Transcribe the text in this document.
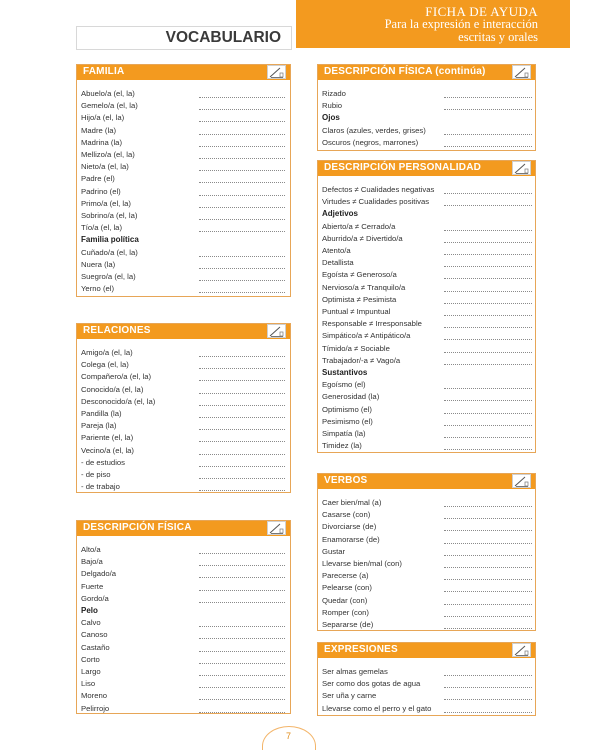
VOCABULARIO
FICHA DE AYUDA
Para la expresión e interacción
escritas y orales
FAMILIA
Abuelo/a (el, la)
Gemelo/a (el, la)
Hijo/a (el, la)
Madre (la)
Madrina (la)
Mellizo/a (el, la)
Nieto/a (el, la)
Padre (el)
Padrino (el)
Primo/a (el, la)
Sobrino/a (el, la)
Tío/a (el, la)
Familia política
Cuñado/a (el, la)
Nuera (la)
Suegro/a (el, la)
Yerno (el)
RELACIONES
Amigo/a (el, la)
Colega (el, la)
Compañero/a (el, la)
Conocido/a (el, la)
Desconocido/a (el, la)
Pandilla (la)
Pareja (la)
Pariente (el, la)
Vecino/a (el, la)
- de estudios
- de piso
- de trabajo
DESCRIPCIÓN FÍSICA
Alto/a
Bajo/a
Delgado/a
Fuerte
Gordo/a
Pelo
Calvo
Canoso
Castaño
Corto
Largo
Liso
Moreno
Pelirrojo
DESCRIPCIÓN FÍSICA (continúa)
Rizado
Rubio
Ojos
Claros (azules, verdes, grises)
Oscuros (negros, marrones)
DESCRIPCIÓN PERSONALIDAD
Defectos ≠ Cualidades negativas
Virtudes ≠ Cualidades positivas
Adjetivos
Abierto/a ≠ Cerrado/a
Aburrido/a ≠ Divertido/a
Atento/a
Detallista
Egoísta ≠ Generoso/a
Nervioso/a ≠ Tranquilo/a
Optimista ≠ Pesimista
Puntual ≠ Impuntual
Responsable ≠ Irresponsable
Simpático/a ≠ Antipático/a
Tímido/a ≠ Sociable
Trabajador/-a ≠ Vago/a
Sustantivos
Egoísmo (el)
Generosidad (la)
Optimismo (el)
Pesimismo (el)
Simpatía (la)
Timidez (la)
VERBOS
Caer bien/mal (a)
Casarse (con)
Divorciarse (de)
Enamorarse (de)
Gustar
Llevarse bien/mal (con)
Parecerse (a)
Pelearse (con)
Quedar (con)
Romper (con)
Separarse (de)
EXPRESIONES
Ser almas gemelas
Ser como dos gotas de agua
Ser uña y carne
Llevarse como el perro y el gato
7
